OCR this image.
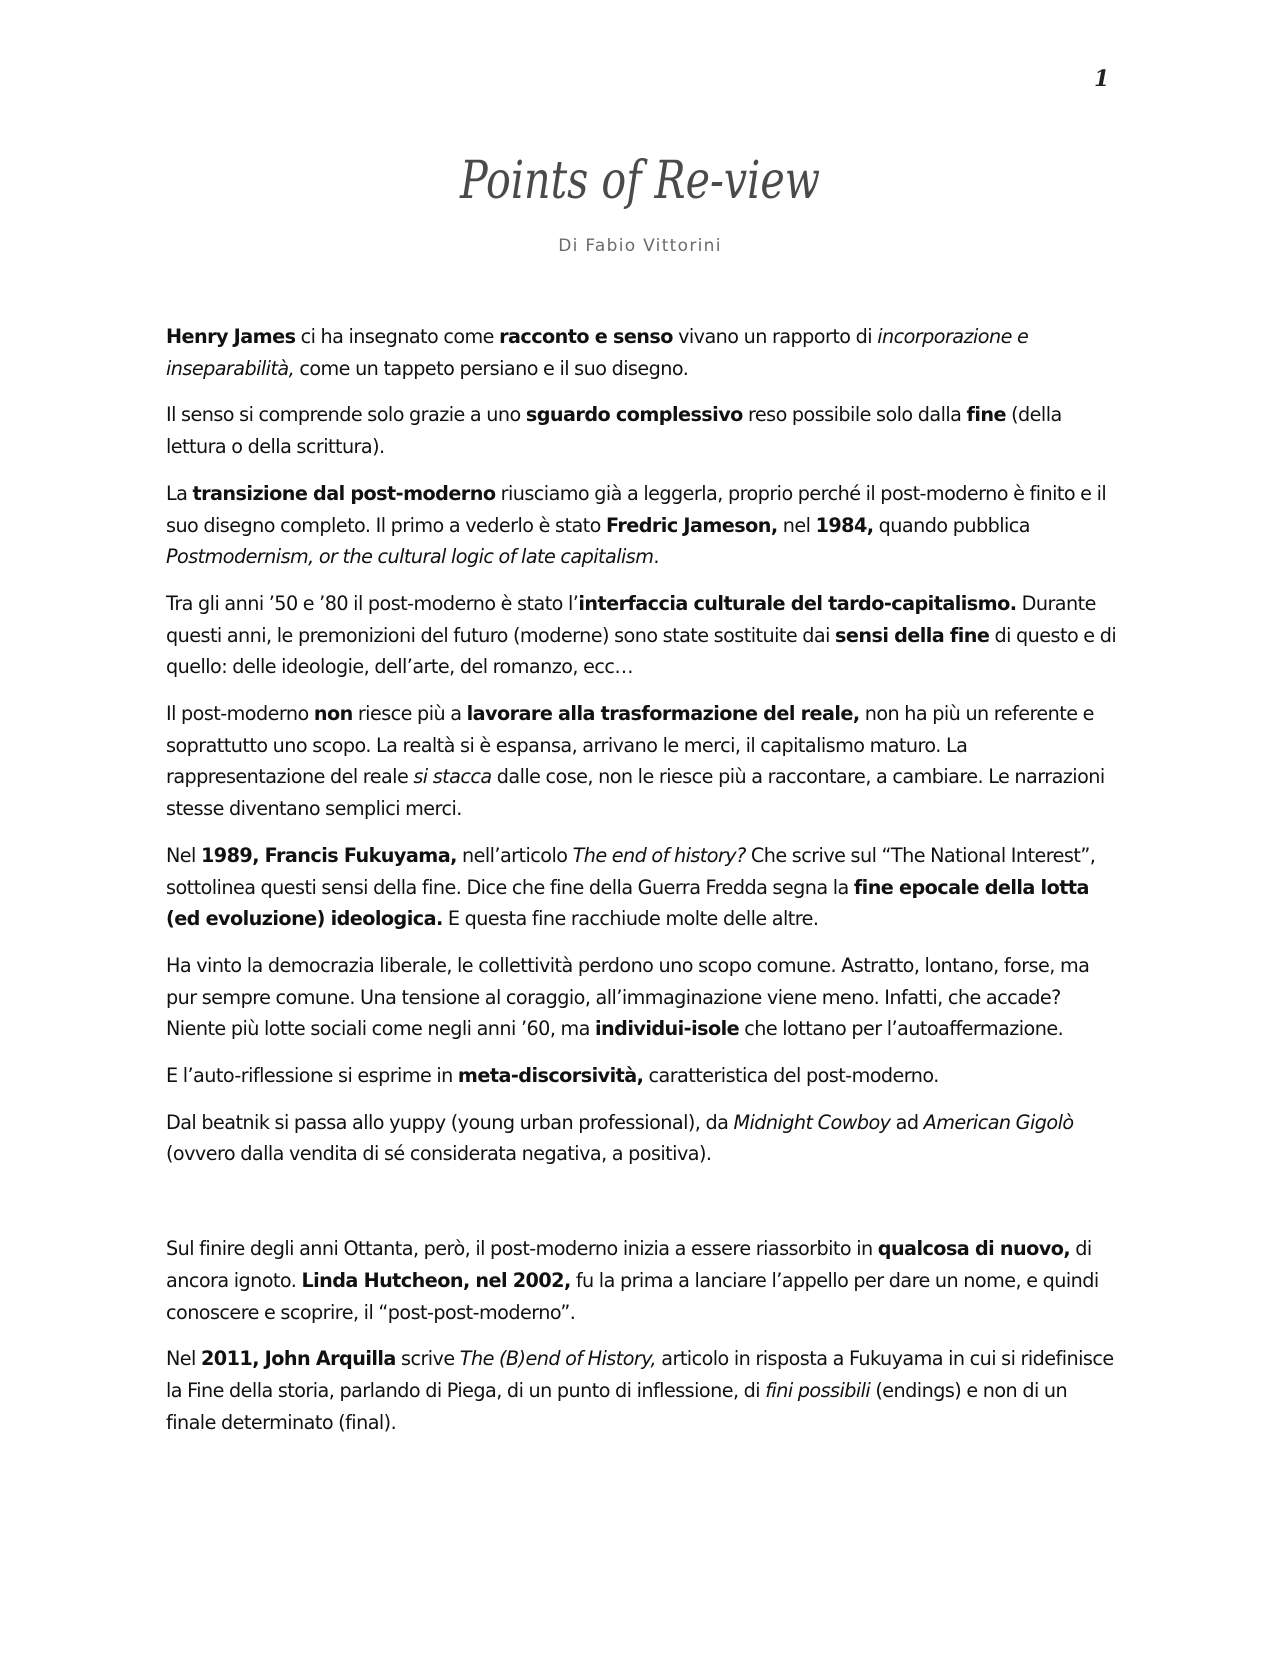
1
Points of Re-view
Di Fabio Vittorini

Henry James ci ha insegnato come racconto e senso vivano un rapporto di incorporazione e inseparabilità, come un tappeto persiano e il suo disegno.

Il senso si comprende solo grazie a uno sguardo complessivo reso possibile solo dalla fine (della lettura o della scrittura).

La transizione dal post-moderno riusciamo già a leggerla, proprio perché il post-moderno è finito e il suo disegno completo. Il primo a vederlo è stato Fredric Jameson, nel 1984, quando pubblica Postmodernism, or the cultural logic of late capitalism.

Tra gli anni ’50 e ’80 il post-moderno è stato l’interfaccia culturale del tardo-capitalismo. Durante questi anni, le premonizioni del futuro (moderne) sono state sostituite dai sensi della fine di questo e di quello: delle ideologie, dell’arte, del romanzo, ecc…

Il post-moderno non riesce più a lavorare alla trasformazione del reale, non ha più un referente e soprattutto uno scopo. La realtà si è espansa, arrivano le merci, il capitalismo maturo. La rappresentazione del reale si stacca dalle cose, non le riesce più a raccontare, a cambiare. Le narrazioni stesse diventano semplici merci.

Nel 1989, Francis Fukuyama, nell’articolo The end of history? Che scrive sul “The National Interest”, sottolinea questi sensi della fine. Dice che fine della Guerra Fredda segna la fine epocale della lotta (ed evoluzione) ideologica. E questa fine racchiude molte delle altre.

Ha vinto la democrazia liberale, le collettività perdono uno scopo comune. Astratto, lontano, forse, ma pur sempre comune. Una tensione al coraggio, all’immaginazione viene meno. Infatti, che accade? Niente più lotte sociali come negli anni ’60, ma individui-isole che lottano per l’autoaffermazione.

E l’auto-riflessione si esprime in meta-discorsività, caratteristica del post-moderno.

Dal beatnik si passa allo yuppy (young urban professional), da Midnight Cowboy ad American Gigolò (ovvero dalla vendita di sé considerata negativa, a positiva).

Sul finire degli anni Ottanta, però, il post-moderno inizia a essere riassorbito in qualcosa di nuovo, di ancora ignoto. Linda Hutcheon, nel 2002, fu la prima a lanciare l’appello per dare un nome, e quindi conoscere e scoprire, il “post-post-moderno”.

Nel 2011, John Arquilla scrive The (B)end of History, articolo in risposta a Fukuyama in cui si ridefinisce la Fine della storia, parlando di Piega, di un punto di inflessione, di fini possibili (endings) e non di un finale determinato (final).
